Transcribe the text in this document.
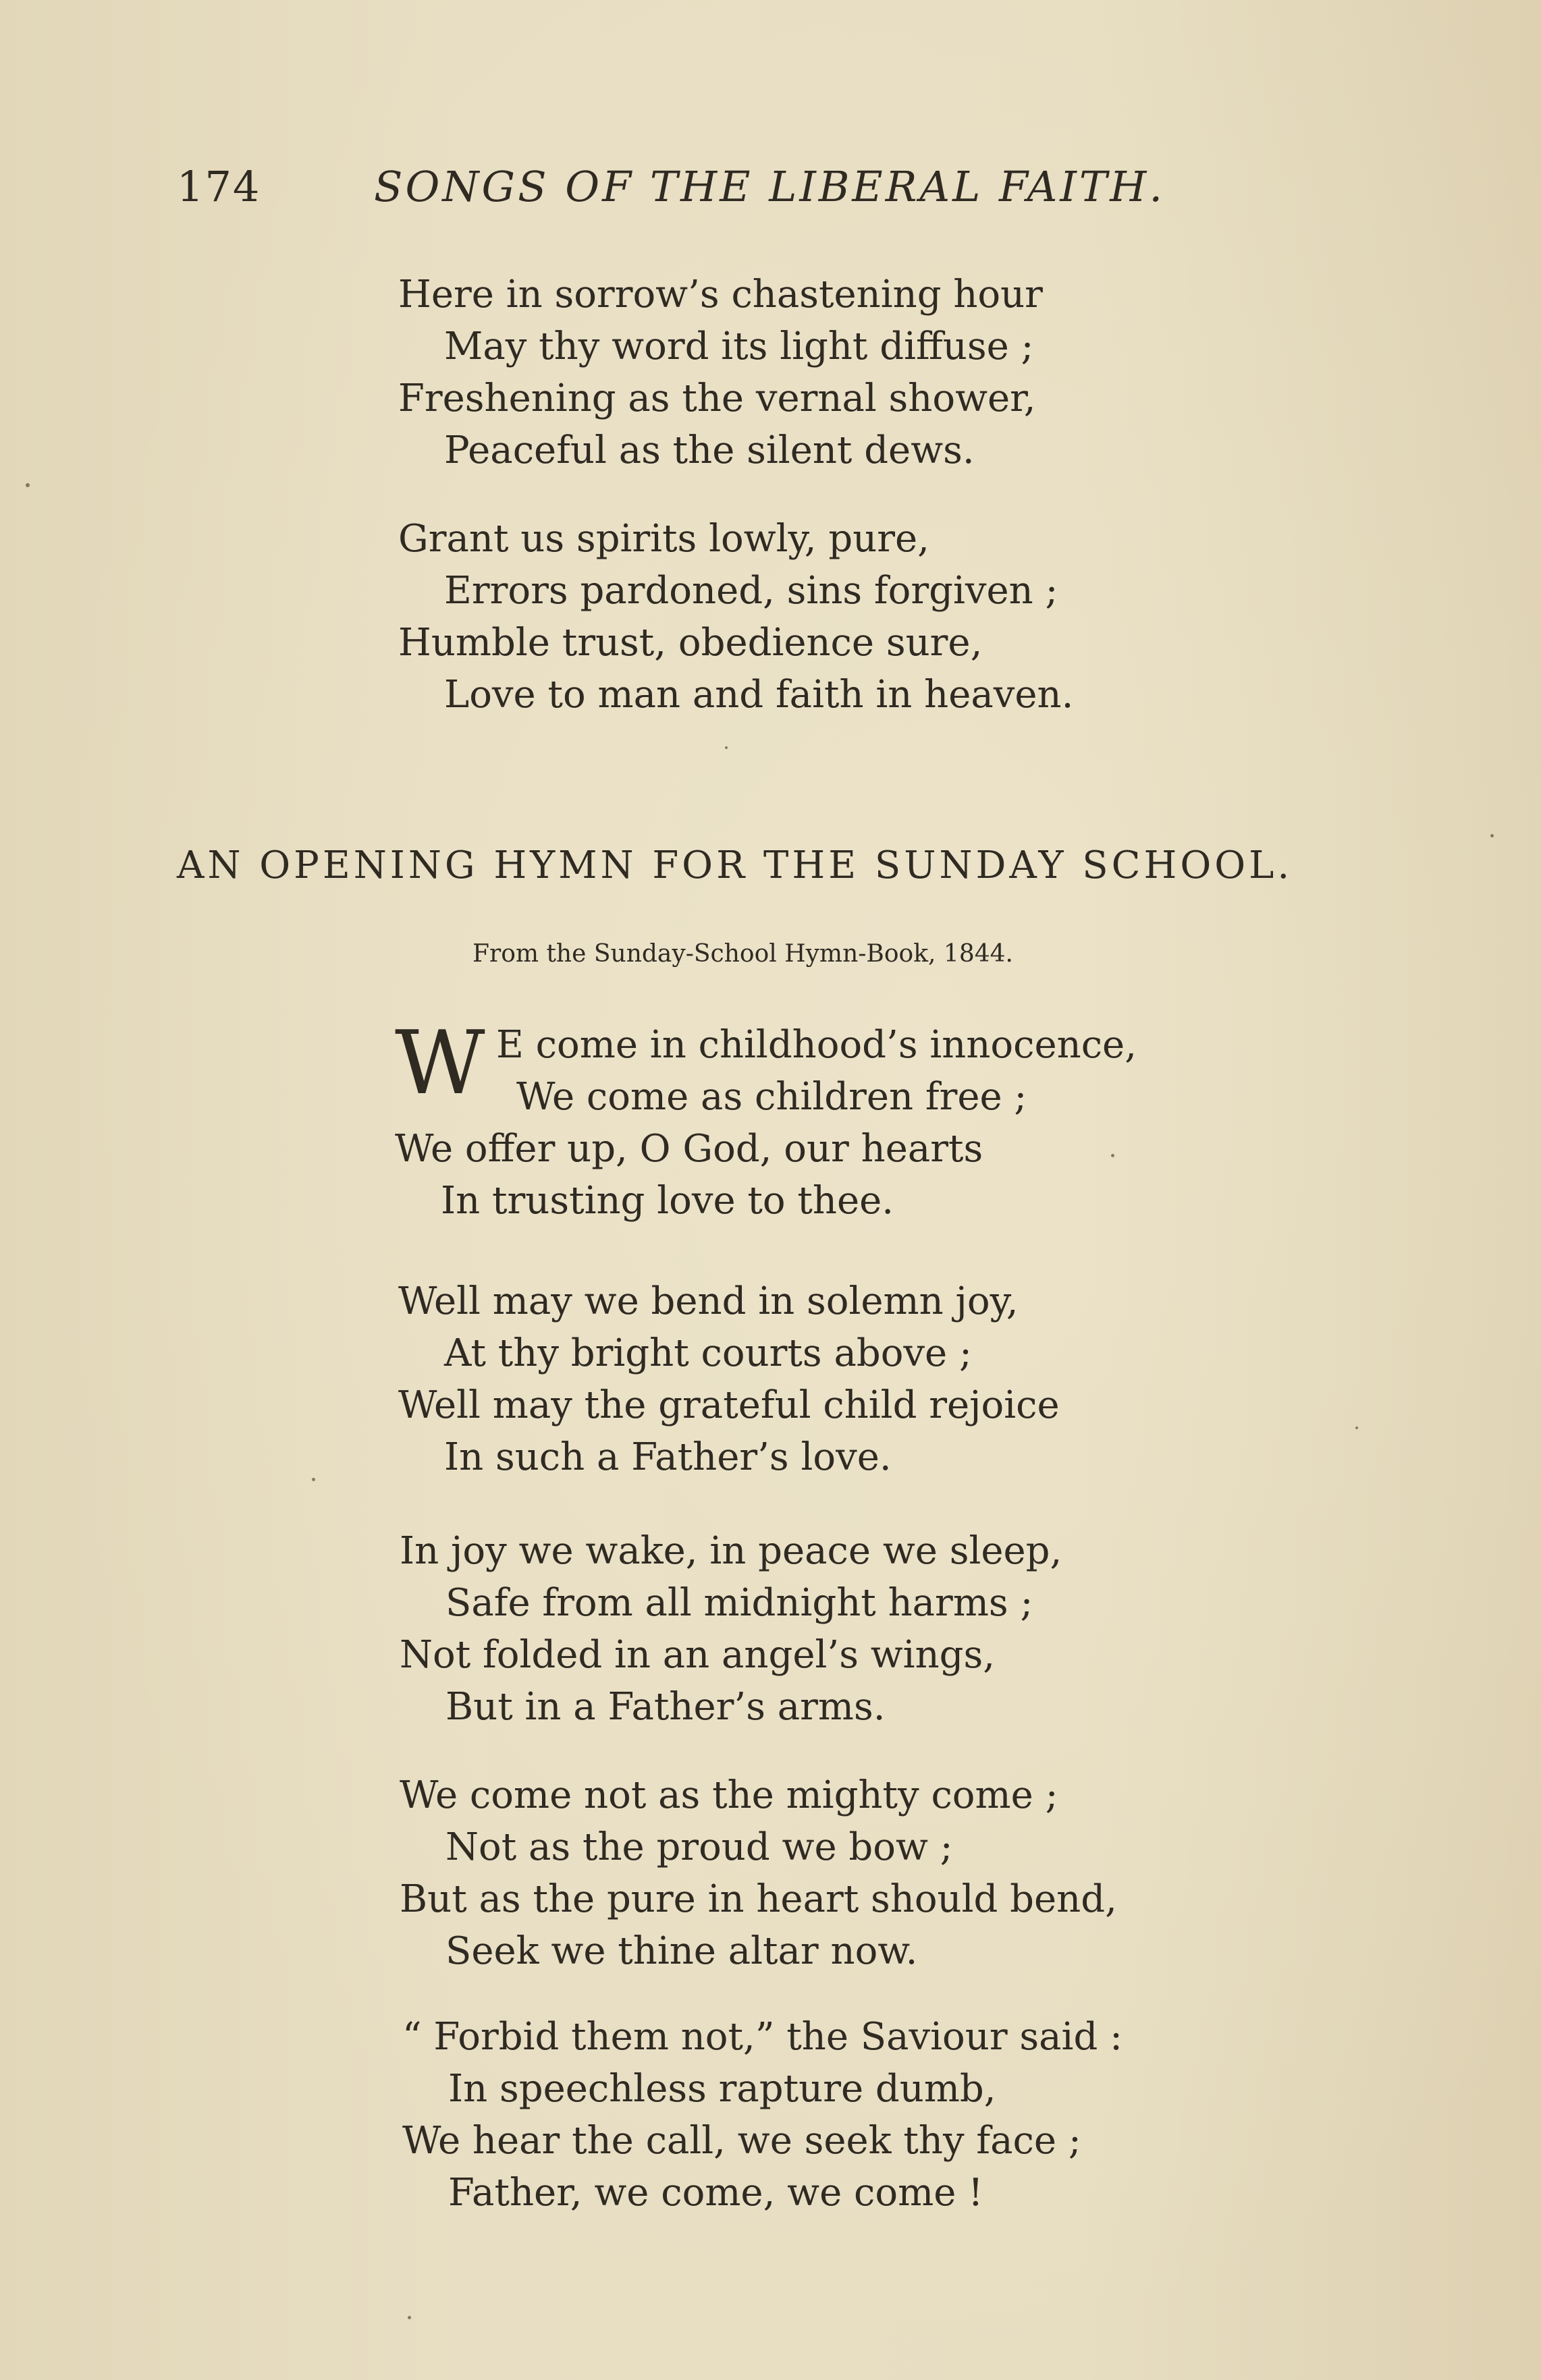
174	SONGS OF THE LIBERAL FAITH.
Here in sorrow’s chastening hour
May thy word its light diffuse ;
Freshening as the vernal shower,
Peaceful as the silent dews.
Grant us spirits lowly, pure,
Errors pardoned, sins forgiven ;
Humble trust, obedience sure,
Love to man and faith in heaven.
AN OPENING HYMN FOR THE SUNDAY SCHOOL.
From the Sunday-School Hymn-Book, 1844.
W E come in childhood’s innocence,
We come as children free ;
We offer up, O God, our hearts
In trusting love to thee.
Well may we bend in solemn joy,
At thy bright courts above ;
Well may the grateful child rejoice
In such a Father’s love.
In joy we wake, in peace we sleep,
Safe from all midnight harms ;
Not folded in an angel’s wings,
But in a Father’s arms.
We come not as the mighty come ;
Not as the proud we bow ;
But as the pure in heart should bend,
Seek we thine altar now.
“ Forbid them not,” the Saviour said :
In speechless rapture dumb,
We hear the call, we seek thy face ;
Father, we come, we come !
